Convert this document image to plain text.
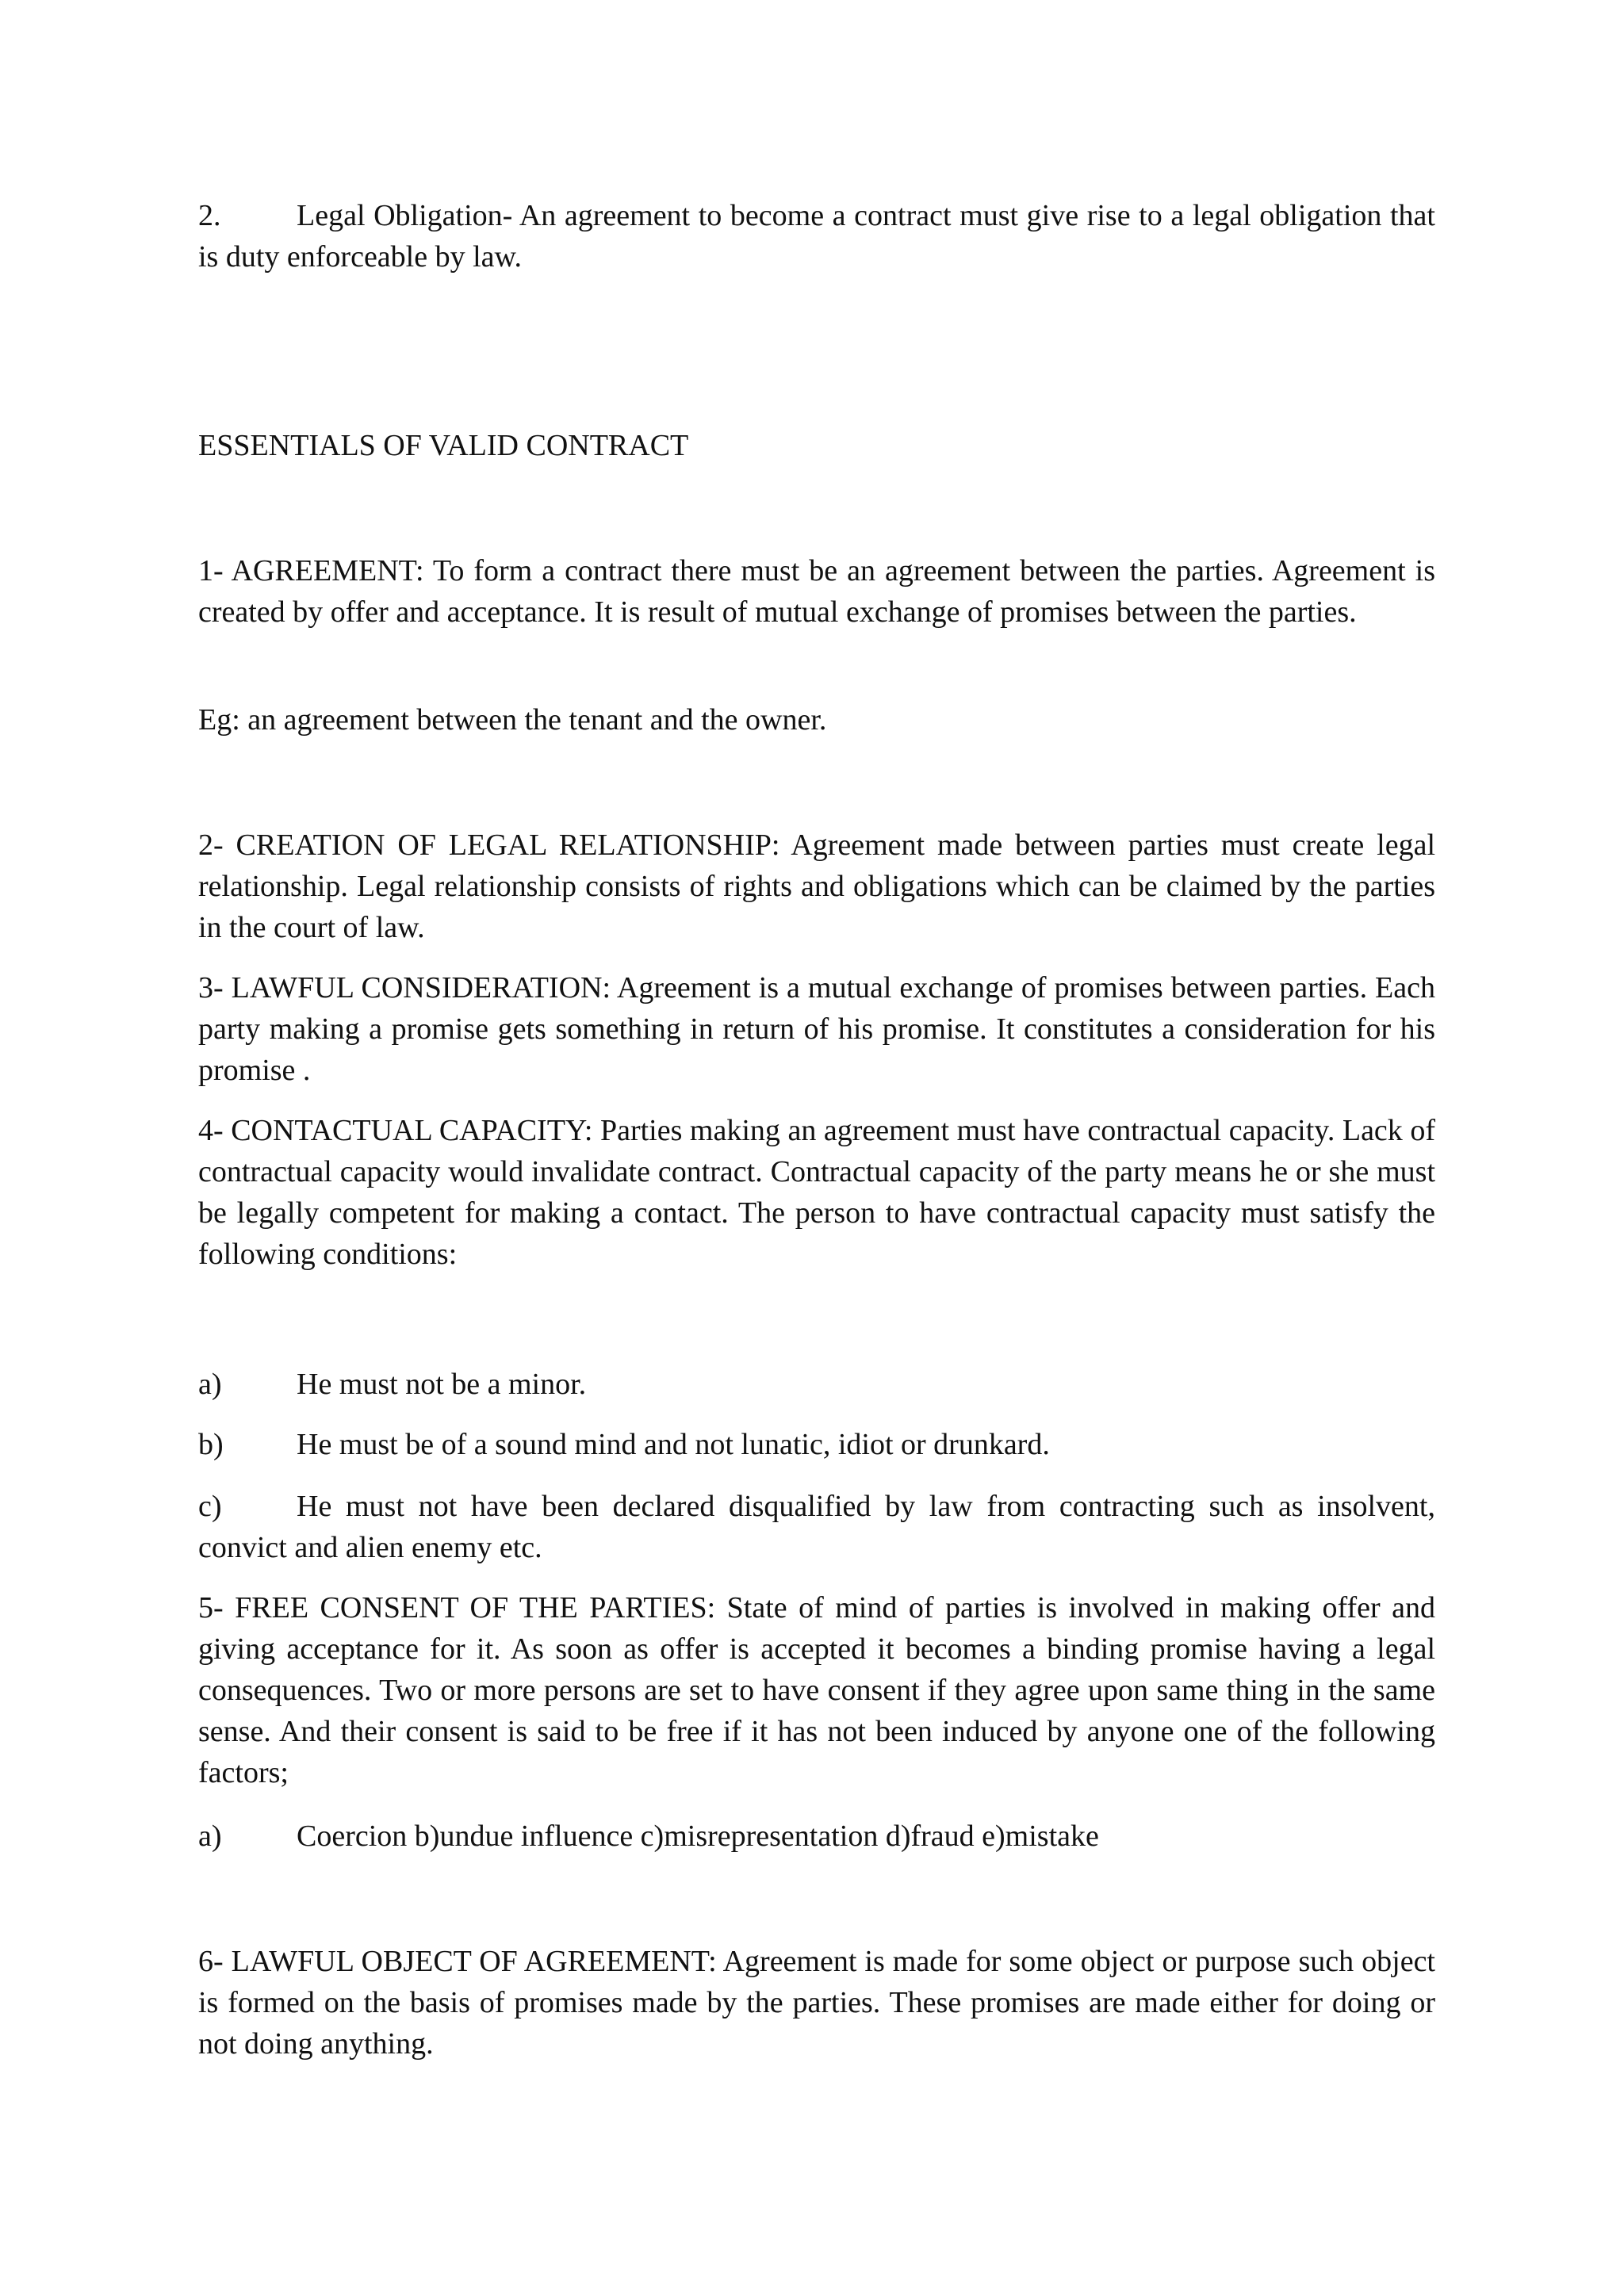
2.	Legal Obligation- An agreement to become a contract must give rise to a legal obligation that is duty enforceable by law.

ESSENTIALS OF VALID CONTRACT

1- AGREEMENT: To form a contract there must be an agreement between the parties. Agreement is created by offer and acceptance. It is result of mutual exchange of promises between the parties.

Eg: an agreement between the tenant and the owner.

2- CREATION OF LEGAL RELATIONSHIP: Agreement made between parties must create legal relationship. Legal relationship consists of rights and obligations which can be claimed by the parties in the court of law.

3- LAWFUL CONSIDERATION: Agreement is a mutual exchange of promises between parties. Each party making a promise gets something in return of his promise. It constitutes a consideration for his promise .

4- CONTACTUAL CAPACITY: Parties making an agreement must have contractual capacity. Lack of contractual capacity would invalidate contract. Contractual capacity of the party means he or she must be legally competent for making a contact. The person to have contractual capacity must satisfy the following conditions:

a) He must not be a minor.

b) He must be of a sound mind and not lunatic, idiot or drunkard.

c) He must not have been declared disqualified by law from contracting such as insolvent, convict and alien enemy etc.

5- FREE CONSENT OF THE PARTIES: State of mind of parties is involved in making offer and giving acceptance for it. As soon as offer is accepted it becomes a binding promise having a legal consequences. Two or more persons are set to have consent if they agree upon same thing in the same sense. And their consent is said to be free if it has not been induced by anyone one of the following factors;

a) Coercion b)undue influence c)misrepresentation d)fraud e)mistake

6- LAWFUL OBJECT OF AGREEMENT: Agreement is made for some object or purpose such object is formed on the basis of promises made by the parties. These promises are made either for doing or not doing anything.
